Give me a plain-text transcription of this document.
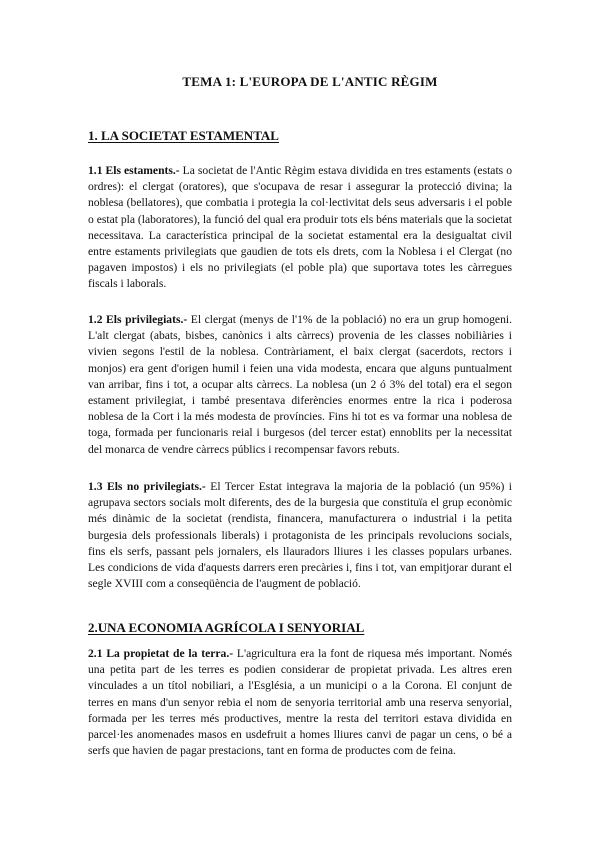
TEMA 1: L'EUROPA DE L'ANTIC RÈGIM
1. LA SOCIETAT ESTAMENTAL

1.1 Els estaments.- La societat de l'Antic Règim estava dividida en tres estaments (estats o ordres): el clergat (oratores), que s'ocupava de resar i assegurar la protecció divina; la noblesa (bellatores), que combatia i protegia la col·lectivitat dels seus adversaris i el poble o estat pla (laboratores), la funció del qual era produir tots els béns materials que la societat necessitava. La característica principal de la societat estamental era la desigualtat civil entre estaments privilegiats que gaudien de tots els drets, com la Noblesa i el Clergat (no pagaven impostos) i els no privilegiats (el poble pla) que suportava totes les càrregues fiscals i laborals.

1.2 Els privilegiats.- El clergat (menys de l'1% de la població) no era un grup homogeni. L'alt clergat (abats, bisbes, canònics i alts càrrecs) provenia de les classes nobiliàries i vivien segons l'estil de la noblesa. Contràriament, el baix clergat (sacerdots, rectors i monjos) era gent d'origen humil i feien una vida modesta, encara que alguns puntualment van arribar, fins i tot, a ocupar alts càrrecs. La noblesa (un 2 ó 3% del total) era el segon estament privilegiat, i també presentava diferències enormes entre la rica i poderosa noblesa de la Cort i la més modesta de províncies. Fins hi tot es va formar una noblesa de toga, formada per funcionaris reial i burgesos (del tercer estat) ennoblits per la necessitat del monarca de vendre càrrecs públics i recompensar favors rebuts.

1.3 Els no privilegiats.- El Tercer Estat integrava la majoria de la població (un 95%) i agrupava sectors socials molt diferents, des de la burgesia que constituïa el grup econòmic més dinàmic de la societat (rendista, financera, manufacturera o industrial i la petita burgesia dels professionals liberals) i protagonista de les principals revolucions socials, fins els serfs, passant pels jornalers, els llauradors lliures i les classes populars urbanes. Les condicions de vida d'aquests darrers eren precàries i, fins i tot, van empitjorar durant el segle XVIII com a conseqüència de l'augment de població.

2.UNA ECONOMIA AGRÍCOLA I SENYORIAL

2.1 La propietat de la terra.- L'agricultura era la font de riquesa més important. Només una petita part de les terres es podien considerar de propietat privada. Les altres eren vinculades a un títol nobiliari, a l'Església, a un municipi o a la Corona. El conjunt de terres en mans d'un senyor rebia el nom de senyoria territorial amb una reserva senyorial, formada per les terres més productives, mentre la resta del territori estava dividida en parcel·les anomenades masos en usdefruit a homes lliures canvi de pagar un cens, o bé a serfs que havien de pagar prestacions, tant en forma de productes com de feina.
